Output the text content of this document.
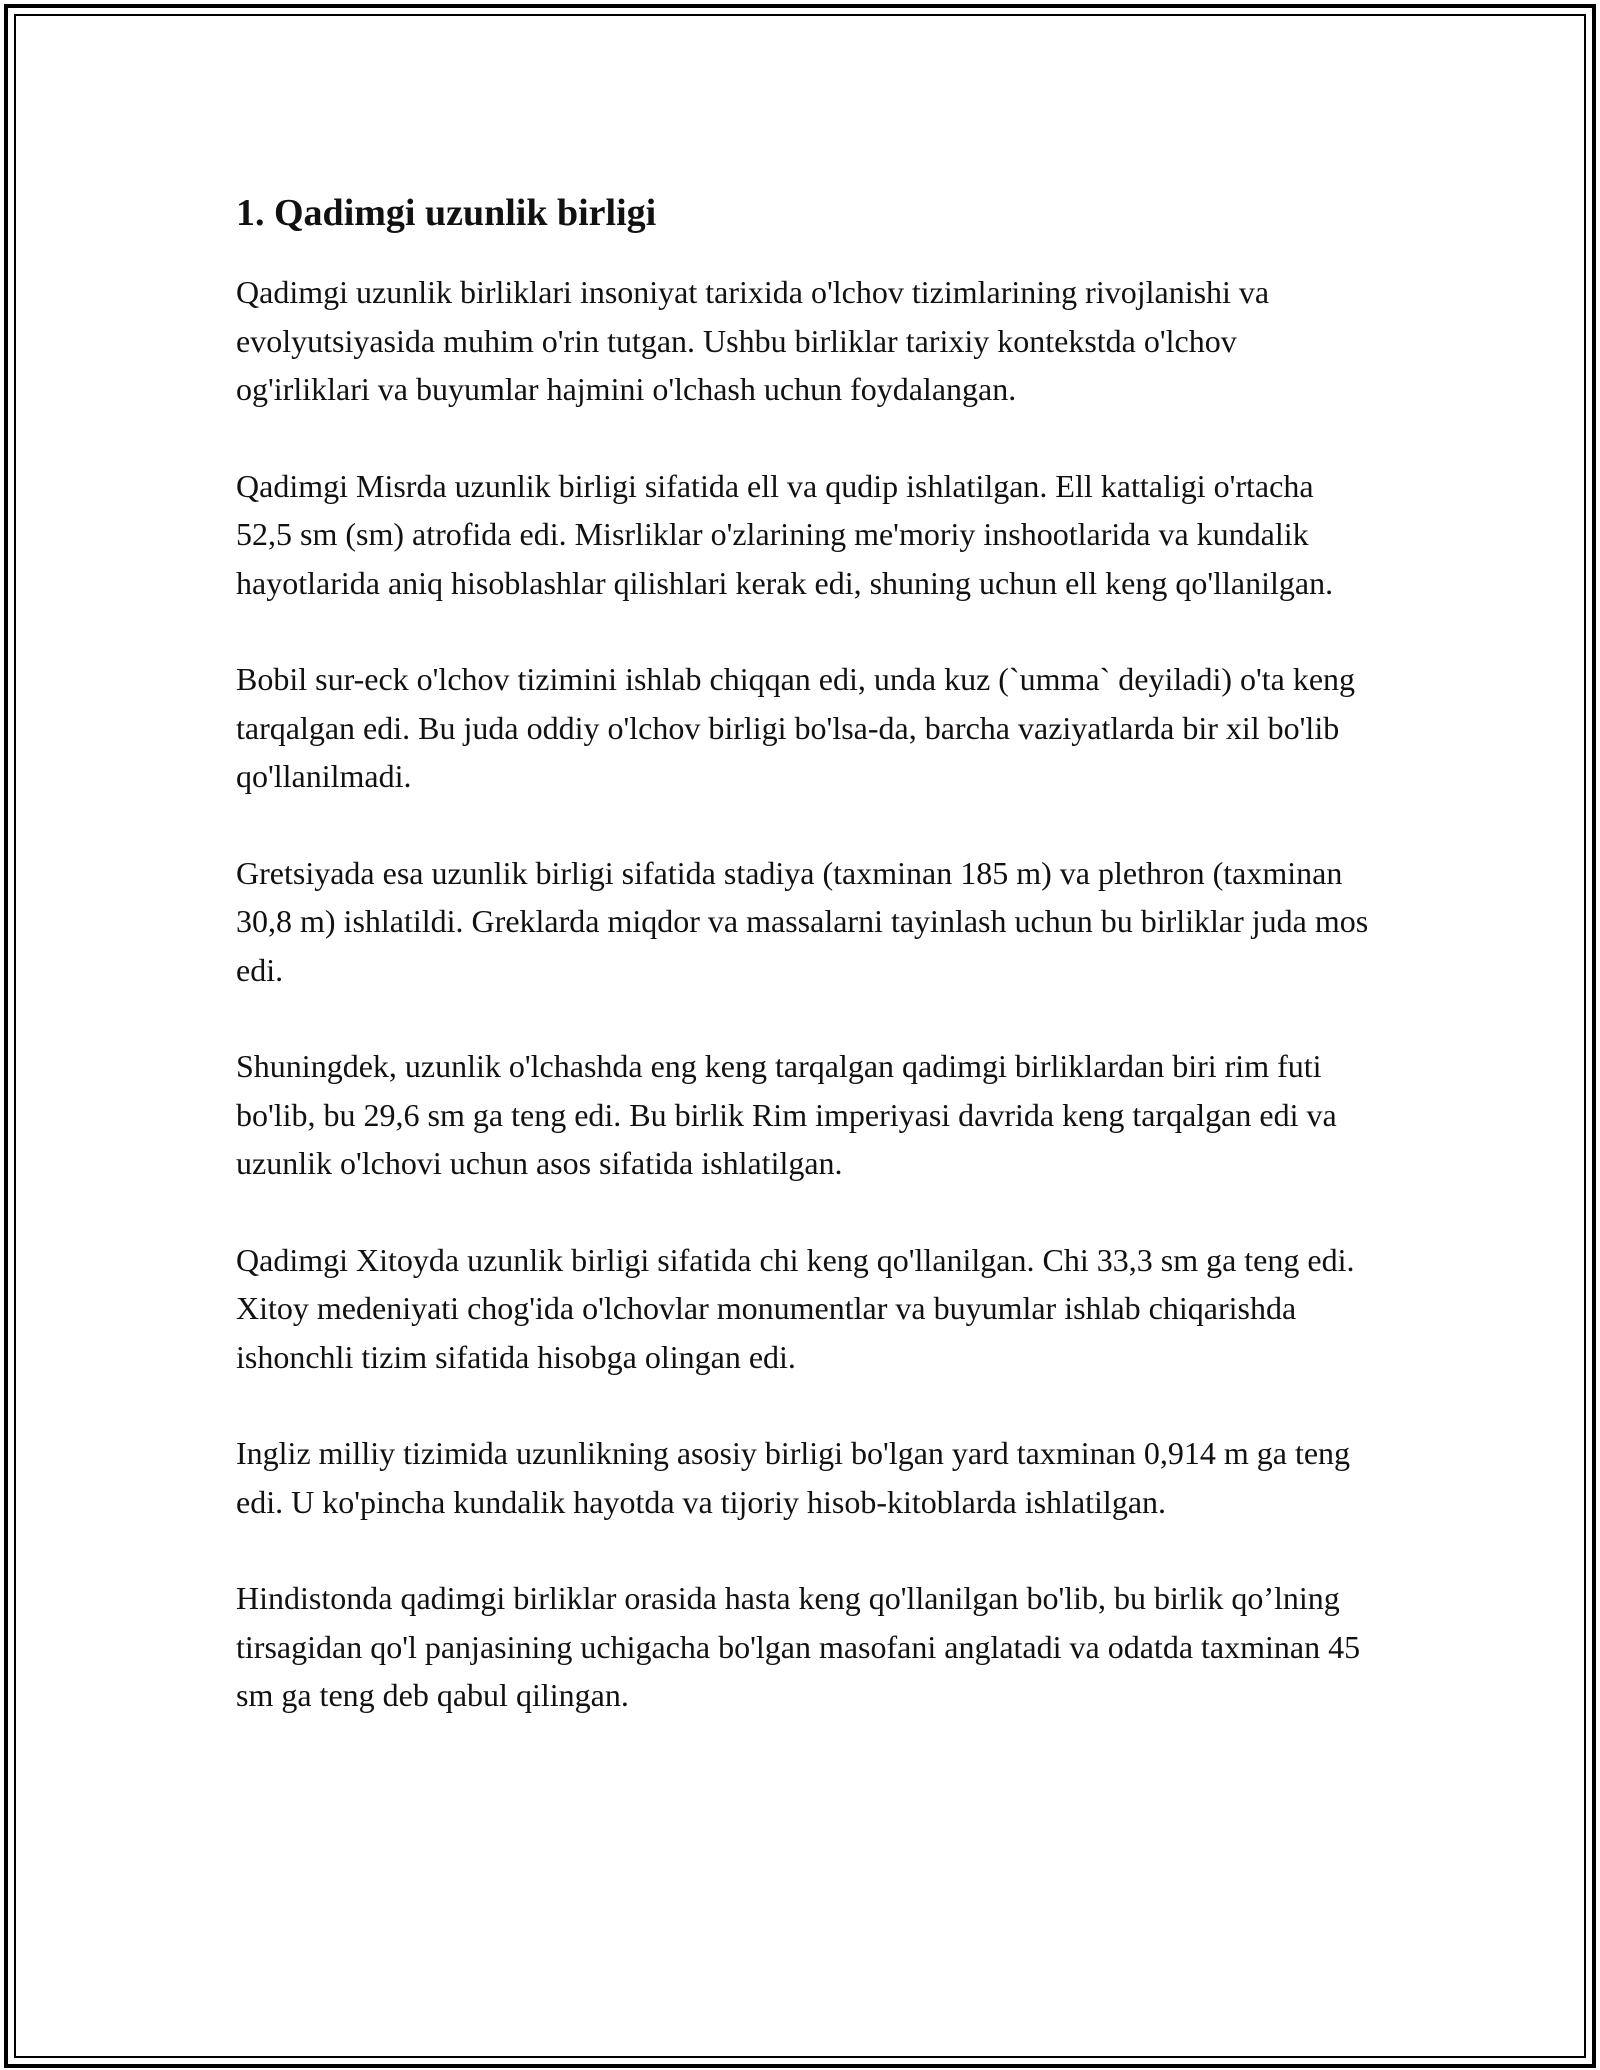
1. Qadimgi uzunlik birligi

Qadimgi uzunlik birliklari insoniyat tarixida o'lchov tizimlarining rivojlanishi va evolyutsiyasida muhim o'rin tutgan. Ushbu birliklar tarixiy kontekstda o'lchov og'irliklari va buyumlar hajmini o'lchash uchun foydalangan.

Qadimgi Misrda uzunlik birligi sifatida ell va qudip ishlatilgan. Ell kattaligi o'rtacha 52,5 sm (sm) atrofida edi. Misrliklar o'zlarining me'moriy inshootlarida va kundalik hayotlarida aniq hisoblashlar qilishlari kerak edi, shuning uchun ell keng qo'llanilgan.

Bobil sur-eck o'lchov tizimini ishlab chiqqan edi, unda kuz (`umma` deyiladi) o'ta keng tarqalgan edi. Bu juda oddiy o'lchov birligi bo'lsa-da, barcha vaziyatlarda bir xil bo'lib qo'llanilmadi.

Gretsiyada esa uzunlik birligi sifatida stadiya (taxminan 185 m) va plethron (taxminan 30,8 m) ishlatildi. Greklarda miqdor va massalarni tayinlash uchun bu birliklar juda mos edi.

Shuningdek, uzunlik o'lchashda eng keng tarqalgan qadimgi birliklardan biri rim futi bo'lib, bu 29,6 sm ga teng edi. Bu birlik Rim imperiyasi davrida keng tarqalgan edi va uzunlik o'lchovi uchun asos sifatida ishlatilgan.

Qadimgi Xitoyda uzunlik birligi sifatida chi keng qo'llanilgan. Chi 33,3 sm ga teng edi. Xitoy medeniyati chog'ida o'lchovlar monumentlar va buyumlar ishlab chiqarishda ishonchli tizim sifatida hisobga olingan edi.

Ingliz milliy tizimida uzunlikning asosiy birligi bo'lgan yard taxminan 0,914 m ga teng edi. U ko'pincha kundalik hayotda va tijoriy hisob-kitoblarda ishlatilgan.

Hindistonda qadimgi birliklar orasida hasta keng qo'llanilgan bo'lib, bu birlik qo’lning tirsagidan qo'l panjasining uchigacha bo'lgan masofani anglatadi va odatda taxminan 45 sm ga teng deb qabul qilingan.
